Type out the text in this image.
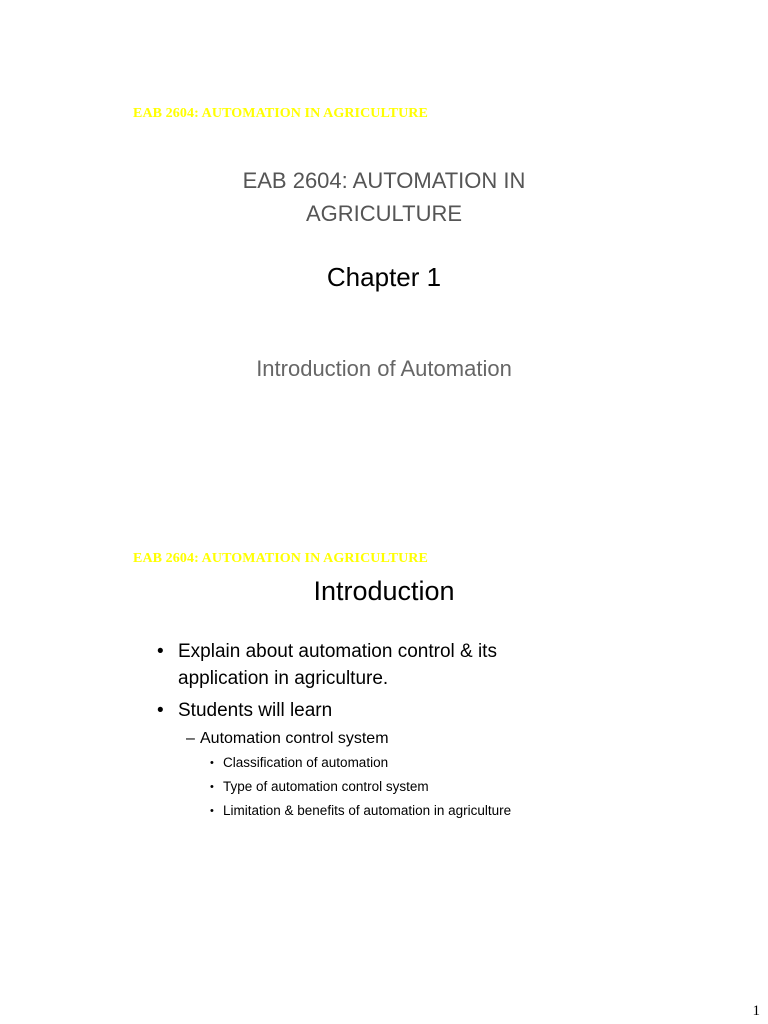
EAB 2604: AUTOMATION IN AGRICULTURE
EAB 2604: AUTOMATION IN
AGRICULTURE
Chapter 1
Introduction of Automation
EAB 2604: AUTOMATION IN AGRICULTURE
Introduction
• Explain about automation control & its
application in agriculture.
• Students will learn
– Automation control system
• Classification of automation
• Type of automation control system
• Limitation & benefits of automation in agriculture
1
